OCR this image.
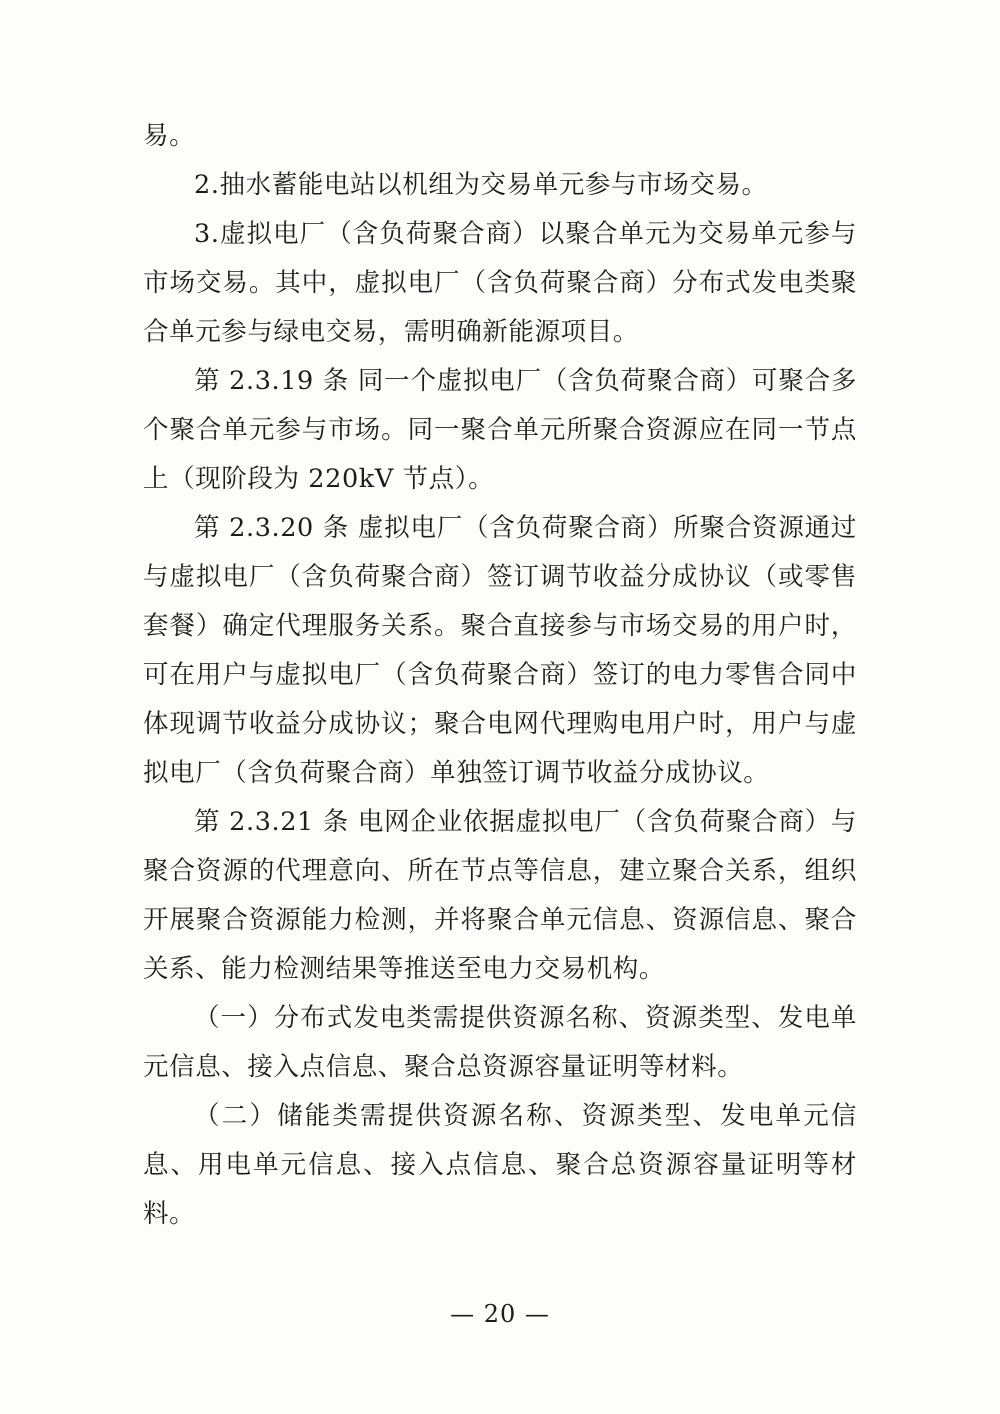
易。

2.抽水蓄能电站以机组为交易单元参与市场交易。

3.虚拟电厂（含负荷聚合商）以聚合单元为交易单元参与市场交易。其中，虚拟电厂（含负荷聚合商）分布式发电类聚合单元参与绿电交易，需明确新能源项目。

第 2.3.19 条 同一个虚拟电厂（含负荷聚合商）可聚合多个聚合单元参与市场。同一聚合单元所聚合资源应在同一节点上（现阶段为 220kV 节点）。

第 2.3.20 条 虚拟电厂（含负荷聚合商）所聚合资源通过与虚拟电厂（含负荷聚合商）签订调节收益分成协议（或零售套餐）确定代理服务关系。聚合直接参与市场交易的用户时，可在用户与虚拟电厂（含负荷聚合商）签订的电力零售合同中体现调节收益分成协议；聚合电网代理购电用户时，用户与虚拟电厂（含负荷聚合商）单独签订调节收益分成协议。

第 2.3.21 条 电网企业依据虚拟电厂（含负荷聚合商）与聚合资源的代理意向、所在节点等信息，建立聚合关系，组织开展聚合资源能力检测，并将聚合单元信息、资源信息、聚合关系、能力检测结果等推送至电力交易机构。

（一）分布式发电类需提供资源名称、资源类型、发电单元信息、接入点信息、聚合总资源容量证明等材料。

（二）储能类需提供资源名称、资源类型、发电单元信息、用电单元信息、接入点信息、聚合总资源容量证明等材料。

— 20 —
